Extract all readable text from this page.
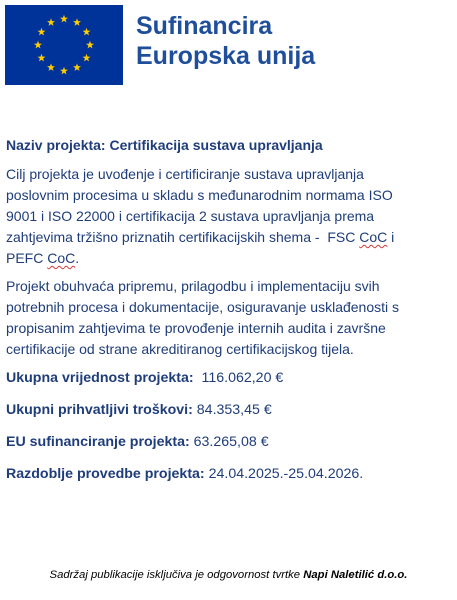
Sufinancira
Europska unija
Naziv projekta: Certifikacija sustava upravljanja
Cilj projekta je uvođenje i certificiranje sustava upravljanja
poslovnim procesima u skladu s međunarodnim normama ISO
9001 i ISO 22000 i certifikacija 2 sustava upravljanja prema
zahtjevima tržišno priznatih certifikacijskih shema -  FSC CoC i
PEFC CoC.
Projekt obuhvaća pripremu, prilagodbu i implementaciju svih
potrebnih procesa i dokumentacije, osiguravanje usklađenosti s
propisanim zahtjevima te provođenje internih audita i završne
certifikacije od strane akreditiranog certifikacijskog tijela.
Ukupna vrijednost projekta:  116.062,20 €
Ukupni prihvatljivi troškovi: 84.353,45 €
EU sufinanciranje projekta: 63.265,08 €
Razdoblje provedbe projekta: 24.04.2025.-25.04.2026.
Sadržaj publikacije isključiva je odgovornost tvrtke Napi Naletilić d.o.o.
